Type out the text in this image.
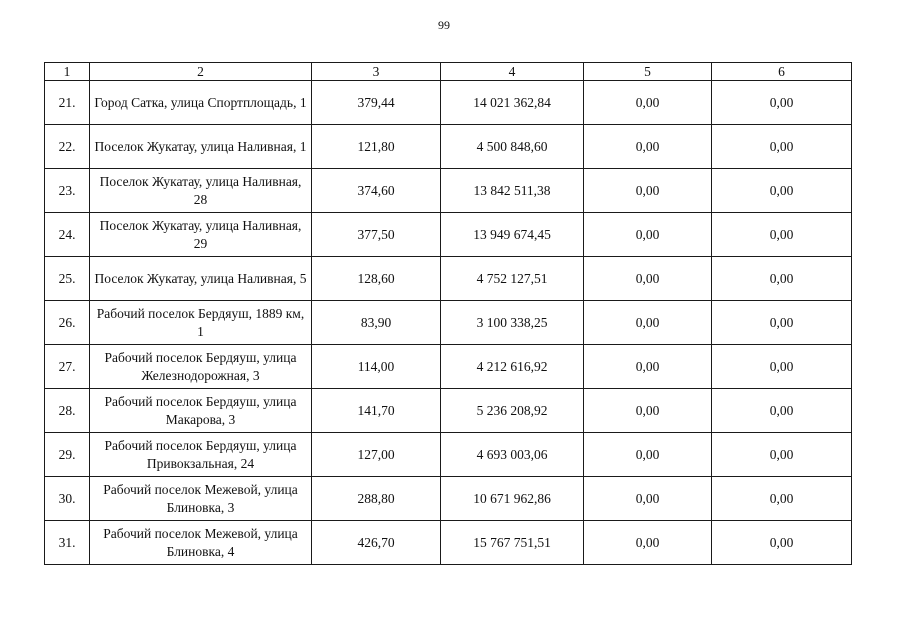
99
1	2	3	4	5	6
21.	Город Сатка, улица Спортплощадь, 1	379,44	14 021 362,84	0,00	0,00
22.	Поселок Жукатау, улица Наливная, 1	121,80	4 500 848,60	0,00	0,00
23.	Поселок Жукатау, улица Наливная, 28	374,60	13 842 511,38	0,00	0,00
24.	Поселок Жукатау, улица Наливная, 29	377,50	13 949 674,45	0,00	0,00
25.	Поселок Жукатау, улица Наливная, 5	128,60	4 752 127,51	0,00	0,00
26.	Рабочий поселок Бердяуш, 1889 км, 1	83,90	3 100 338,25	0,00	0,00
27.	Рабочий поселок Бердяуш, улица Железнодорожная, 3	114,00	4 212 616,92	0,00	0,00
28.	Рабочий поселок Бердяуш, улица Макарова, 3	141,70	5 236 208,92	0,00	0,00
29.	Рабочий поселок Бердяуш, улица Привокзальная, 24	127,00	4 693 003,06	0,00	0,00
30.	Рабочий поселок Межевой, улица Блиновка, 3	288,80	10 671 962,86	0,00	0,00
31.	Рабочий поселок Межевой, улица Блиновка, 4	426,70	15 767 751,51	0,00	0,00
